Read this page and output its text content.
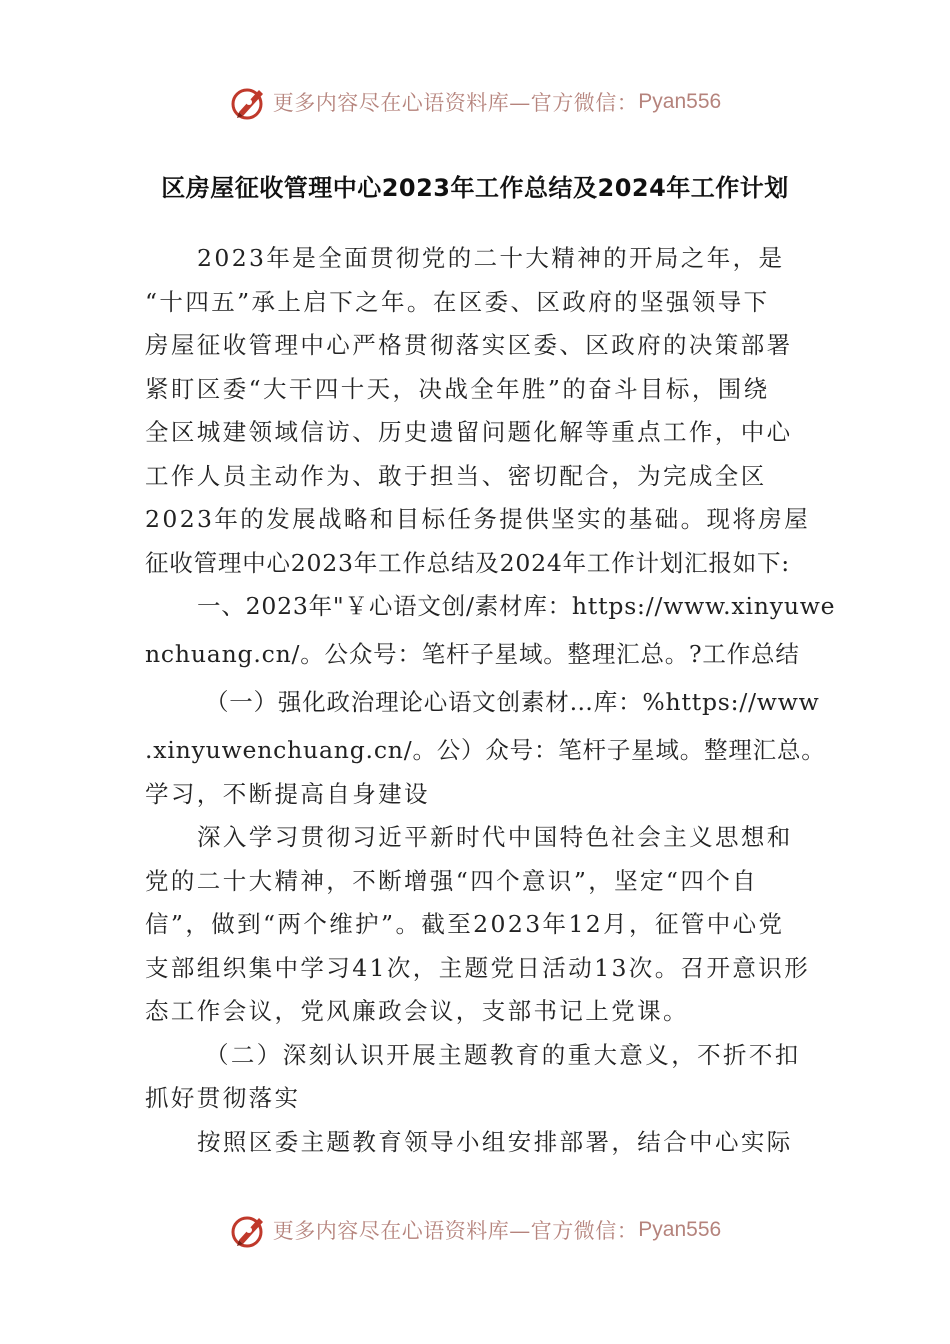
更多内容尽在心语资料库—官方微信： Pyan556
区房屋征收管理中心2023年工作总结及2024年工作计划
2023年是全面贯彻党的二十大精神的开局之年，是
“十四五”承上启下之年。在区委、区政府的坚强领导下
房屋征收管理中心严格贯彻落实区委、区政府的决策部署
紧盯区委“大干四十天，决战全年胜”的奋斗目标，围绕
全区城建领域信访、历史遗留问题化解等重点工作，中心
工作人员主动作为、敢于担当、密切配合，为完成全区
2023年的发展战略和目标任务提供坚实的基础。现将房屋
征收管理中心2023年工作总结及2024年工作计划汇报如下:
一、2023年"￥心语文创/素材库：https://www.xinyuwe
nchuang.cn/。公众号：笔杆子星域。整理汇总。?工作总结
（一）强化政治理论心语文创素材…库：%https://www
.xinyuwenchuang.cn/。公）众号：笔杆子星域。整理汇总。
学习，不断提高自身建设
深入学习贯彻习近平新时代中国特色社会主义思想和
党的二十大精神，不断增强“四个意识”，坚定“四个自
信”，做到“两个维护”。截至2023年12月，征管中心党
支部组织集中学习41次，主题党日活动13次。召开意识形
态工作会议，党风廉政会议，支部书记上党课。
（二）深刻认识开展主题教育的重大意义，不折不扣
抓好贯彻落实
按照区委主题教育领导小组安排部署，结合中心实际
更多内容尽在心语资料库—官方微信： Pyan556
